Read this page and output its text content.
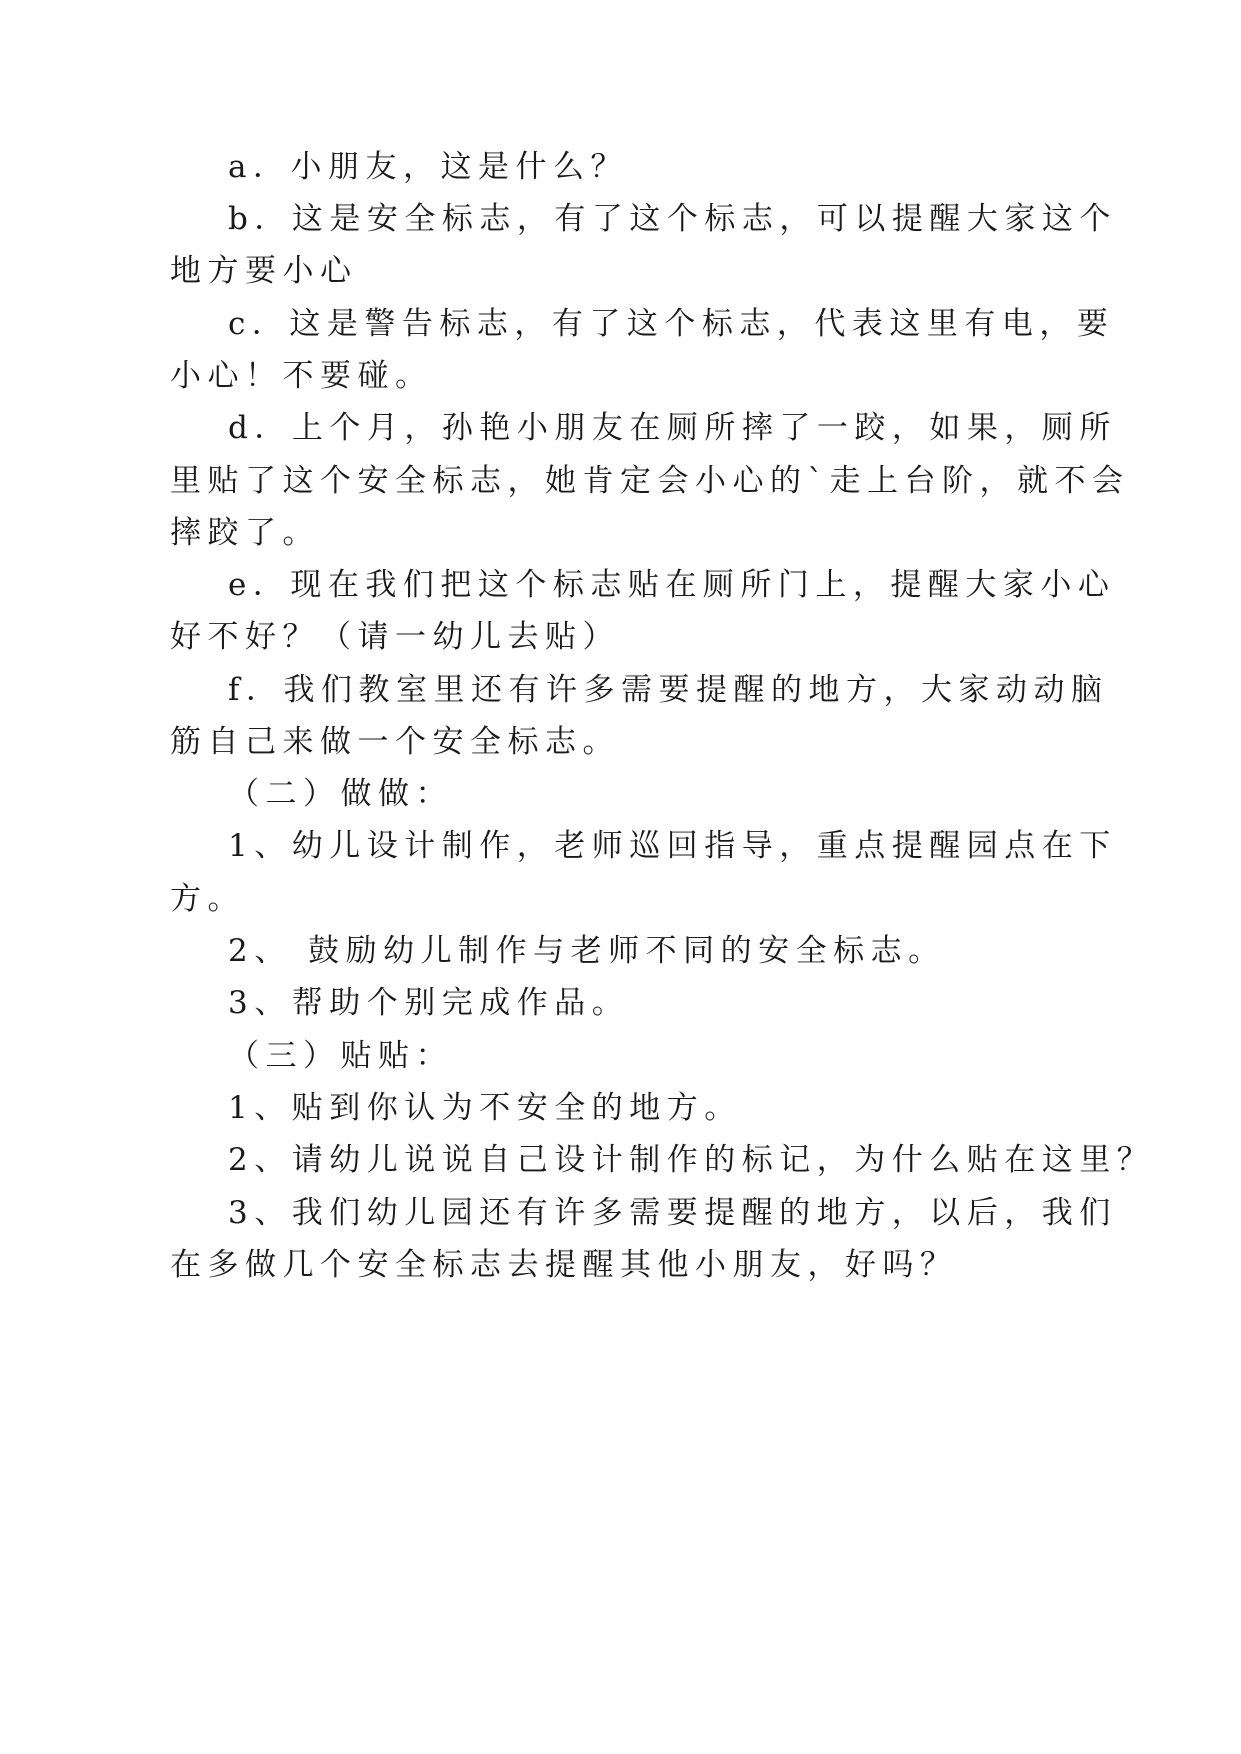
a．小朋友，这是什么？
b．这是安全标志，有了这个标志，可以提醒大家这个
地方要小心
c．这是警告标志，有了这个标志，代表这里有电，要
小心！不要碰。
d．上个月，孙艳小朋友在厕所摔了一跤，如果，厕所
里贴了这个安全标志，她肯定会小心的`走上台阶，就不会
摔跤了。
e．现在我们把这个标志贴在厕所门上，提醒大家小心
好不好？（请一幼儿去贴）
f．我们教室里还有许多需要提醒的地方，大家动动脑
筋自己来做一个安全标志。
（二）做做：
1、幼儿设计制作，老师巡回指导，重点提醒园点在下
方。
2、 鼓励幼儿制作与老师不同的安全标志。
3、帮助个别完成作品。
（三）贴贴：
1、贴到你认为不安全的地方。
2、请幼儿说说自己设计制作的标记，为什么贴在这里？
3、我们幼儿园还有许多需要提醒的地方，以后，我们
在多做几个安全标志去提醒其他小朋友，好吗？
